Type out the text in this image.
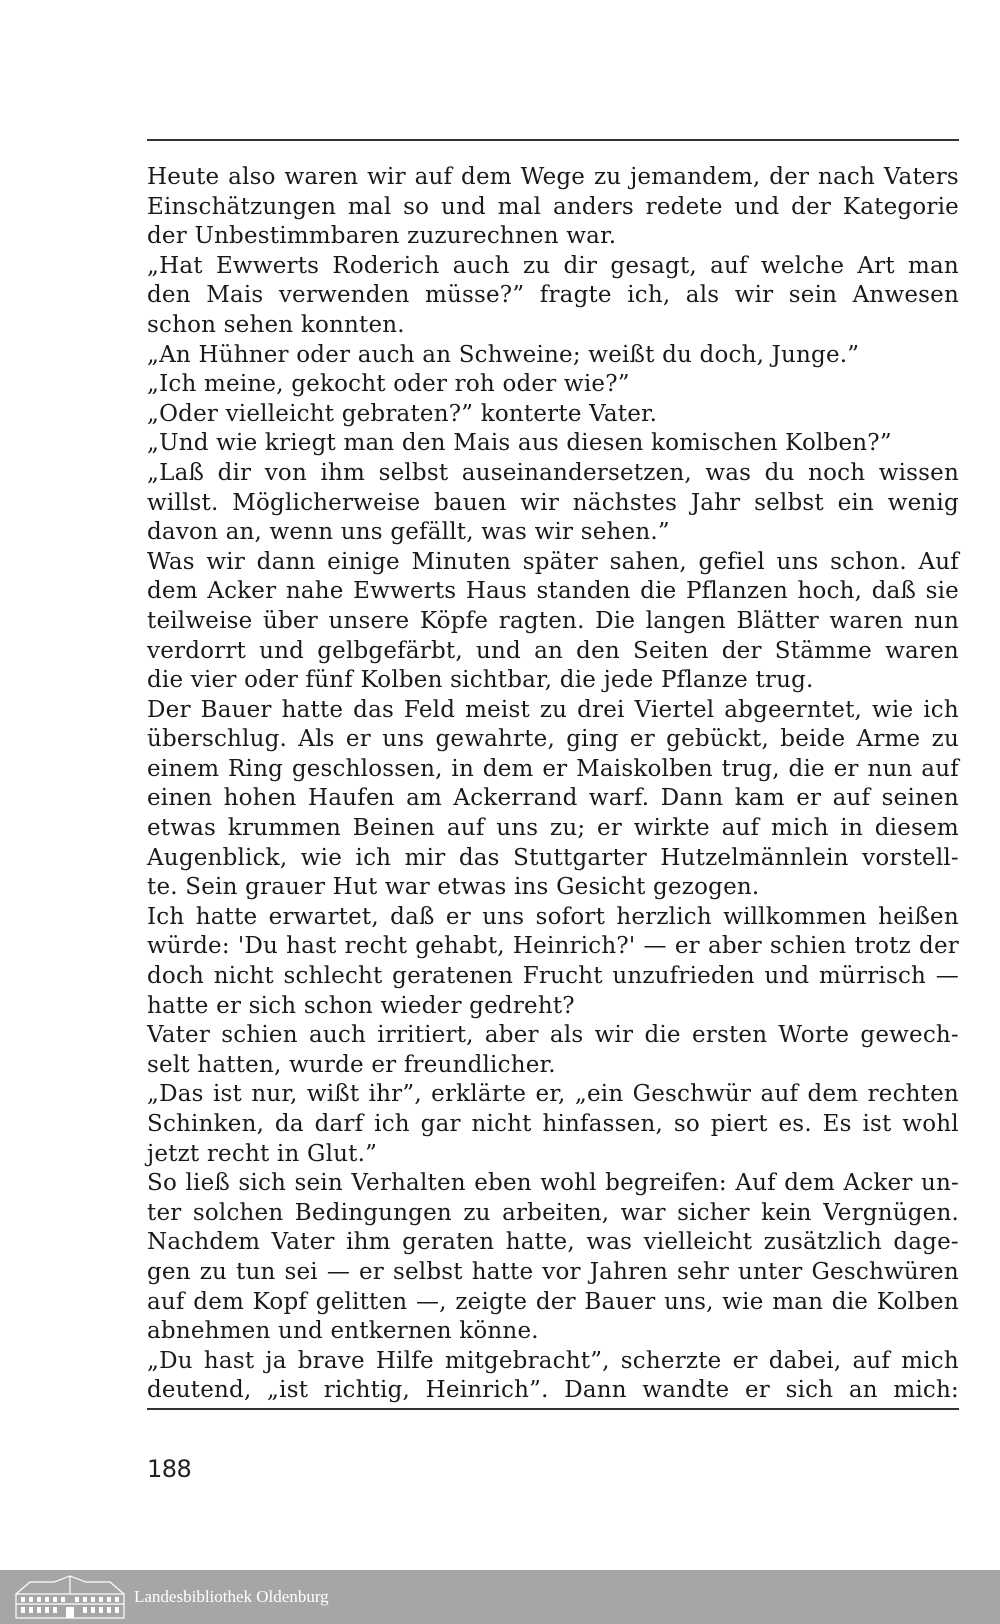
Heute also waren wir auf dem Wege zu jemandem, der nach Vaters
Einschätzungen mal so und mal anders redete und der Kategorie
der Unbestimmbaren zuzurechnen war.
„Hat Ewwerts Roderich auch zu dir gesagt, auf welche Art man
den Mais verwenden müsse?” fragte ich, als wir sein Anwesen
schon sehen konnten.
„An Hühner oder auch an Schweine; weißt du doch, Junge.”
„Ich meine, gekocht oder roh oder wie?”
„Oder vielleicht gebraten?” konterte Vater.
„Und wie kriegt man den Mais aus diesen komischen Kolben?”
„Laß dir von ihm selbst auseinandersetzen, was du noch wissen
willst. Möglicherweise bauen wir nächstes Jahr selbst ein wenig
davon an, wenn uns gefällt, was wir sehen.”
Was wir dann einige Minuten später sahen, gefiel uns schon. Auf
dem Acker nahe Ewwerts Haus standen die Pflanzen hoch, daß sie
teilweise über unsere Köpfe ragten. Die langen Blätter waren nun
verdorrt und gelbgefärbt, und an den Seiten der Stämme waren
die vier oder fünf Kolben sichtbar, die jede Pflanze trug.
Der Bauer hatte das Feld meist zu drei Viertel abgeerntet, wie ich
überschlug. Als er uns gewahrte, ging er gebückt, beide Arme zu
einem Ring geschlossen, in dem er Maiskolben trug, die er nun auf
einen hohen Haufen am Ackerrand warf. Dann kam er auf seinen
etwas krummen Beinen auf uns zu; er wirkte auf mich in diesem
Augenblick, wie ich mir das Stuttgarter Hutzelmännlein vorstell-
te. Sein grauer Hut war etwas ins Gesicht gezogen.
Ich hatte erwartet, daß er uns sofort herzlich willkommen heißen
würde: 'Du hast recht gehabt, Heinrich?' — er aber schien trotz der
doch nicht schlecht geratenen Frucht unzufrieden und mürrisch —
hatte er sich schon wieder gedreht?
Vater schien auch irritiert, aber als wir die ersten Worte gewech-
selt hatten, wurde er freundlicher.
„Das ist nur, wißt ihr”, erklärte er, „ein Geschwür auf dem rechten
Schinken, da darf ich gar nicht hinfassen, so piert es. Es ist wohl
jetzt recht in Glut.”
So ließ sich sein Verhalten eben wohl begreifen: Auf dem Acker un-
ter solchen Bedingungen zu arbeiten, war sicher kein Vergnügen.
Nachdem Vater ihm geraten hatte, was vielleicht zusätzlich dage-
gen zu tun sei — er selbst hatte vor Jahren sehr unter Geschwüren
auf dem Kopf gelitten —, zeigte der Bauer uns, wie man die Kolben
abnehmen und entkernen könne.
„Du hast ja brave Hilfe mitgebracht”, scherzte er dabei, auf mich
deutend, „ist richtig, Heinrich”. Dann wandte er sich an mich:
188
Landesbibliothek Oldenburg
